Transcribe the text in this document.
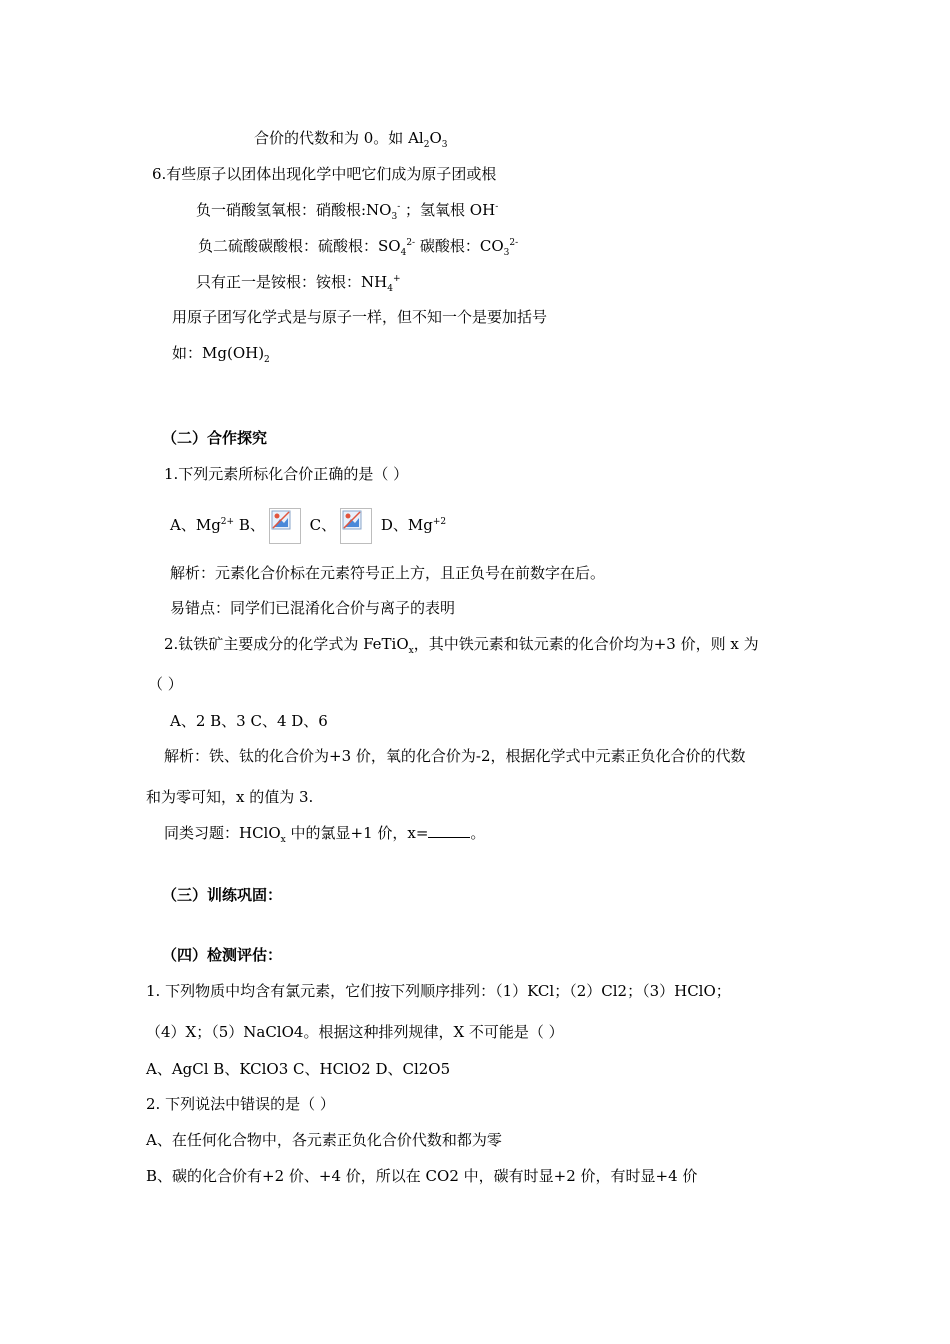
合价的代数和为 0。如 $Al_2O_3$
6.有些原子以团体出现化学中吧它们成为原子团或根
负一硝酸氢氧根：硝酸根$:NO_3^-$ ；氢氧根 OH-
负二硫酸碳酸根：硫酸根：$SO_4^{2-}$ 碳酸根：$CO_3^{2-}$
只有正一是铵根：铵根：$NH_4^+$
用原子团写化学式是与原子一样，但不知一个是要加括号
如：$Mg(OH)_2$
（二）合作探究
1.下列元素所标化合价正确的是（ ）
A、$Mg^{2+}$ B、	C、	D、$Mg^{+2}$
解析：元素化合价标在元素符号正上方，且正负号在前数字在后。
易错点：同学们已混淆化合价与离子的表明
2.钛铁矿主要成分的化学式为 FeTiO$_x$，其中铁元素和钛元素的化合价均为+3 价，则 x 为
（ ）
A、2 B、3 C、4 D、6
解析：铁、钛的化合价为+3 价，氧的化合价为-2，根据化学式中元素正负化合价的代数
和为零可知，x 的值为 3.
同类习题：HClO$_x$ 中的氯显+1 价，x=	。
（三）训练巩固：
（四）检测评估：
1. 下列物质中均含有氯元素，它们按下列顺序排列：（1）KCl；（2）Cl2；（3）HClO；
（4）X；（5）NaClO4。根据这种排列规律，X 不可能是（ ）
A、AgCl B、KClO3 C、HClO2 D、Cl2O5
2. 下列说法中错误的是（ ）
A、在任何化合物中，各元素正负化合价代数和都为零
B、碳的化合价有+2 价、+4 价，所以在 CO2 中，碳有时显+2 价，有时显+4 价
